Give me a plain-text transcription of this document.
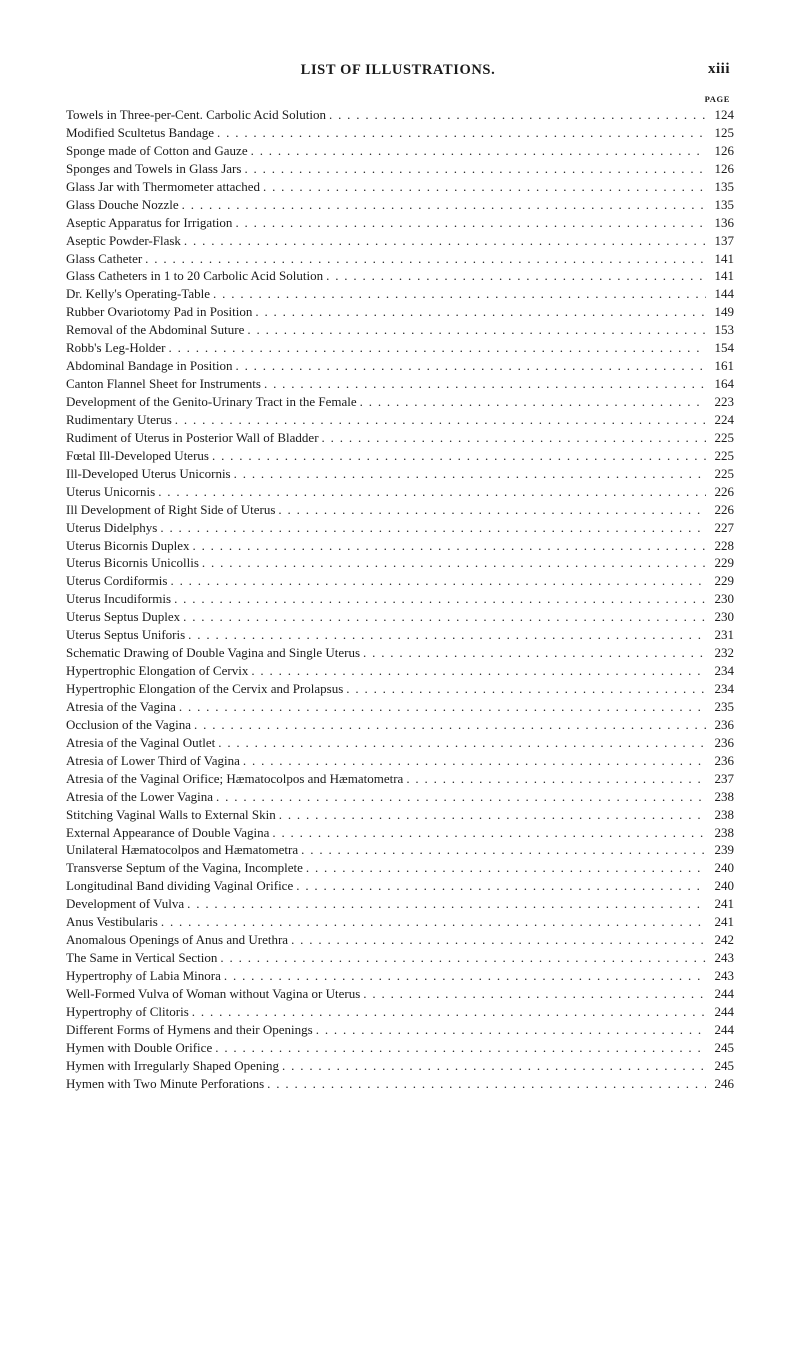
LIST OF ILLUSTRATIONS.	xiii
PAGE
Towels in Three-per-Cent. Carbolic Acid Solution . . .	124
Modified Scultetus Bandage . . .	125
Sponge made of Cotton and Gauze . . .	126
Sponges and Towels in Glass Jars . . .	126
Glass Jar with Thermometer attached . . .	135
Glass Douche Nozzle . . .	135
Aseptic Apparatus for Irrigation . . .	136
Aseptic Powder-Flask . . .	137
Glass Catheter . . .	141
Glass Catheters in 1 to 20 Carbolic Acid Solution . . .	141
Dr. Kelly's Operating-Table . . .	144
Rubber Ovariotomy Pad in Position . . .	149
Removal of the Abdominal Suture . . .	153
Robb's Leg-Holder . . .	154
Abdominal Bandage in Position . . .	161
Canton Flannel Sheet for Instruments . . .	164
Development of the Genito-Urinary Tract in the Female . . .	223
Rudimentary Uterus . . .	224
Rudiment of Uterus in Posterior Wall of Bladder . . .	225
Fœtal Ill-Developed Uterus . . .	225
Ill-Developed Uterus Unicornis . . .	225
Uterus Unicornis . . .	226
Ill Development of Right Side of Uterus . . .	226
Uterus Didelphys . . .	227
Uterus Bicornis Duplex . . .	228
Uterus Bicornis Unicollis . . .	229
Uterus Cordiformis . . .	229
Uterus Incudiformis . . .	230
Uterus Septus Duplex . . .	230
Uterus Septus Uniforis . . .	231
Schematic Drawing of Double Vagina and Single Uterus . . .	232
Hypertrophic Elongation of Cervix . . .	234
Hypertrophic Elongation of the Cervix and Prolapsus . . .	234
Atresia of the Vagina . . .	235
Occlusion of the Vagina . . .	236
Atresia of the Vaginal Outlet . . .	236
Atresia of Lower Third of Vagina . . .	236
Atresia of the Vaginal Orifice; Hæmatocolpos and Hæmatometra . . .	237
Atresia of the Lower Vagina . . .	238
Stitching Vaginal Walls to External Skin . . .	238
External Appearance of Double Vagina . . .	238
Unilateral Hæmatocolpos and Hæmatometra . . .	239
Transverse Septum of the Vagina, Incomplete . . .	240
Longitudinal Band dividing Vaginal Orifice . . .	240
Development of Vulva . . .	241
Anus Vestibularis . . .	241
Anomalous Openings of Anus and Urethra . . .	242
The Same in Vertical Section . . .	243
Hypertrophy of Labia Minora . . .	243
Well-Formed Vulva of Woman without Vagina or Uterus . . .	244
Hypertrophy of Clitoris . . .	244
Different Forms of Hymens and their Openings . . .	244
Hymen with Double Orifice . . .	245
Hymen with Irregularly Shaped Opening . . .	245
Hymen with Two Minute Perforations . . .	246
